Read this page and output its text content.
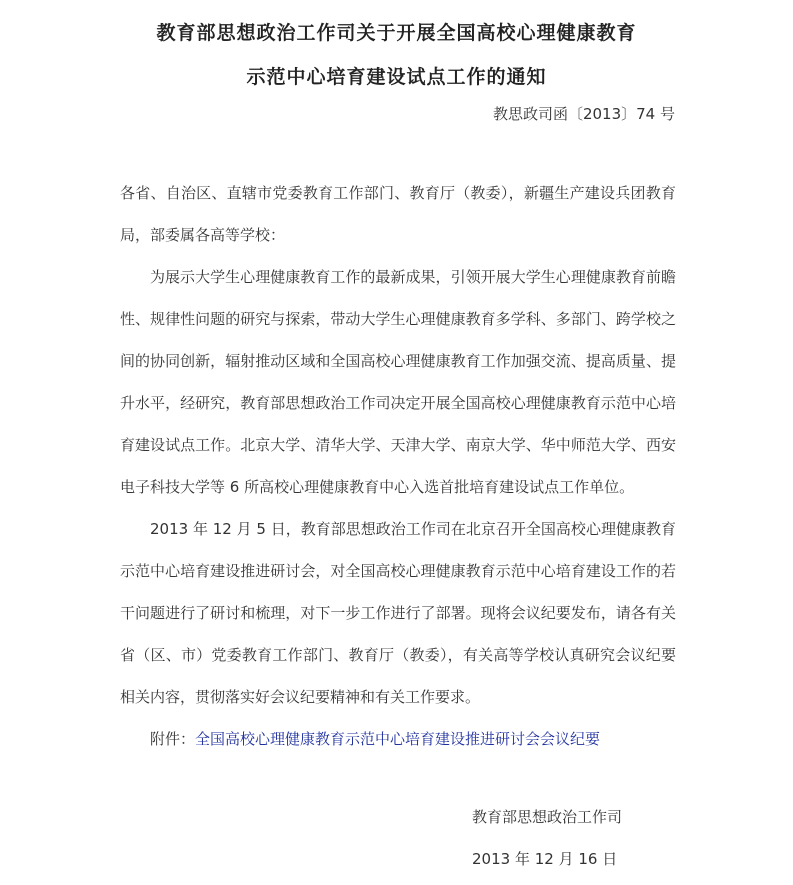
教育部思想政治工作司关于开展全国高校心理健康教育
示范中心培育建设试点工作的通知
教思政司函〔2013〕74 号

各省、自治区、直辖市党委教育工作部门、教育厅（教委），新疆生产建设兵团教育局，部委属各高等学校：

为展示大学生心理健康教育工作的最新成果，引领开展大学生心理健康教育前瞻性、规律性问题的研究与探索，带动大学生心理健康教育多学科、多部门、跨学校之间的协同创新，辐射推动区域和全国高校心理健康教育工作加强交流、提高质量、提升水平，经研究，教育部思想政治工作司决定开展全国高校心理健康教育示范中心培育建设试点工作。北京大学、清华大学、天津大学、南京大学、华中师范大学、西安电子科技大学等 6 所高校心理健康教育中心入选首批培育建设试点工作单位。

2013 年 12 月 5 日，教育部思想政治工作司在北京召开全国高校心理健康教育示范中心培育建设推进研讨会，对全国高校心理健康教育示范中心培育建设工作的若干问题进行了研讨和梳理，对下一步工作进行了部署。现将会议纪要发布，请各有关省（区、市）党委教育工作部门、教育厅（教委），有关高等学校认真研究会议纪要相关内容，贯彻落实好会议纪要精神和有关工作要求。

附件：全国高校心理健康教育示范中心培育建设推进研讨会会议纪要

教育部思想政治工作司
2013 年 12 月 16 日
